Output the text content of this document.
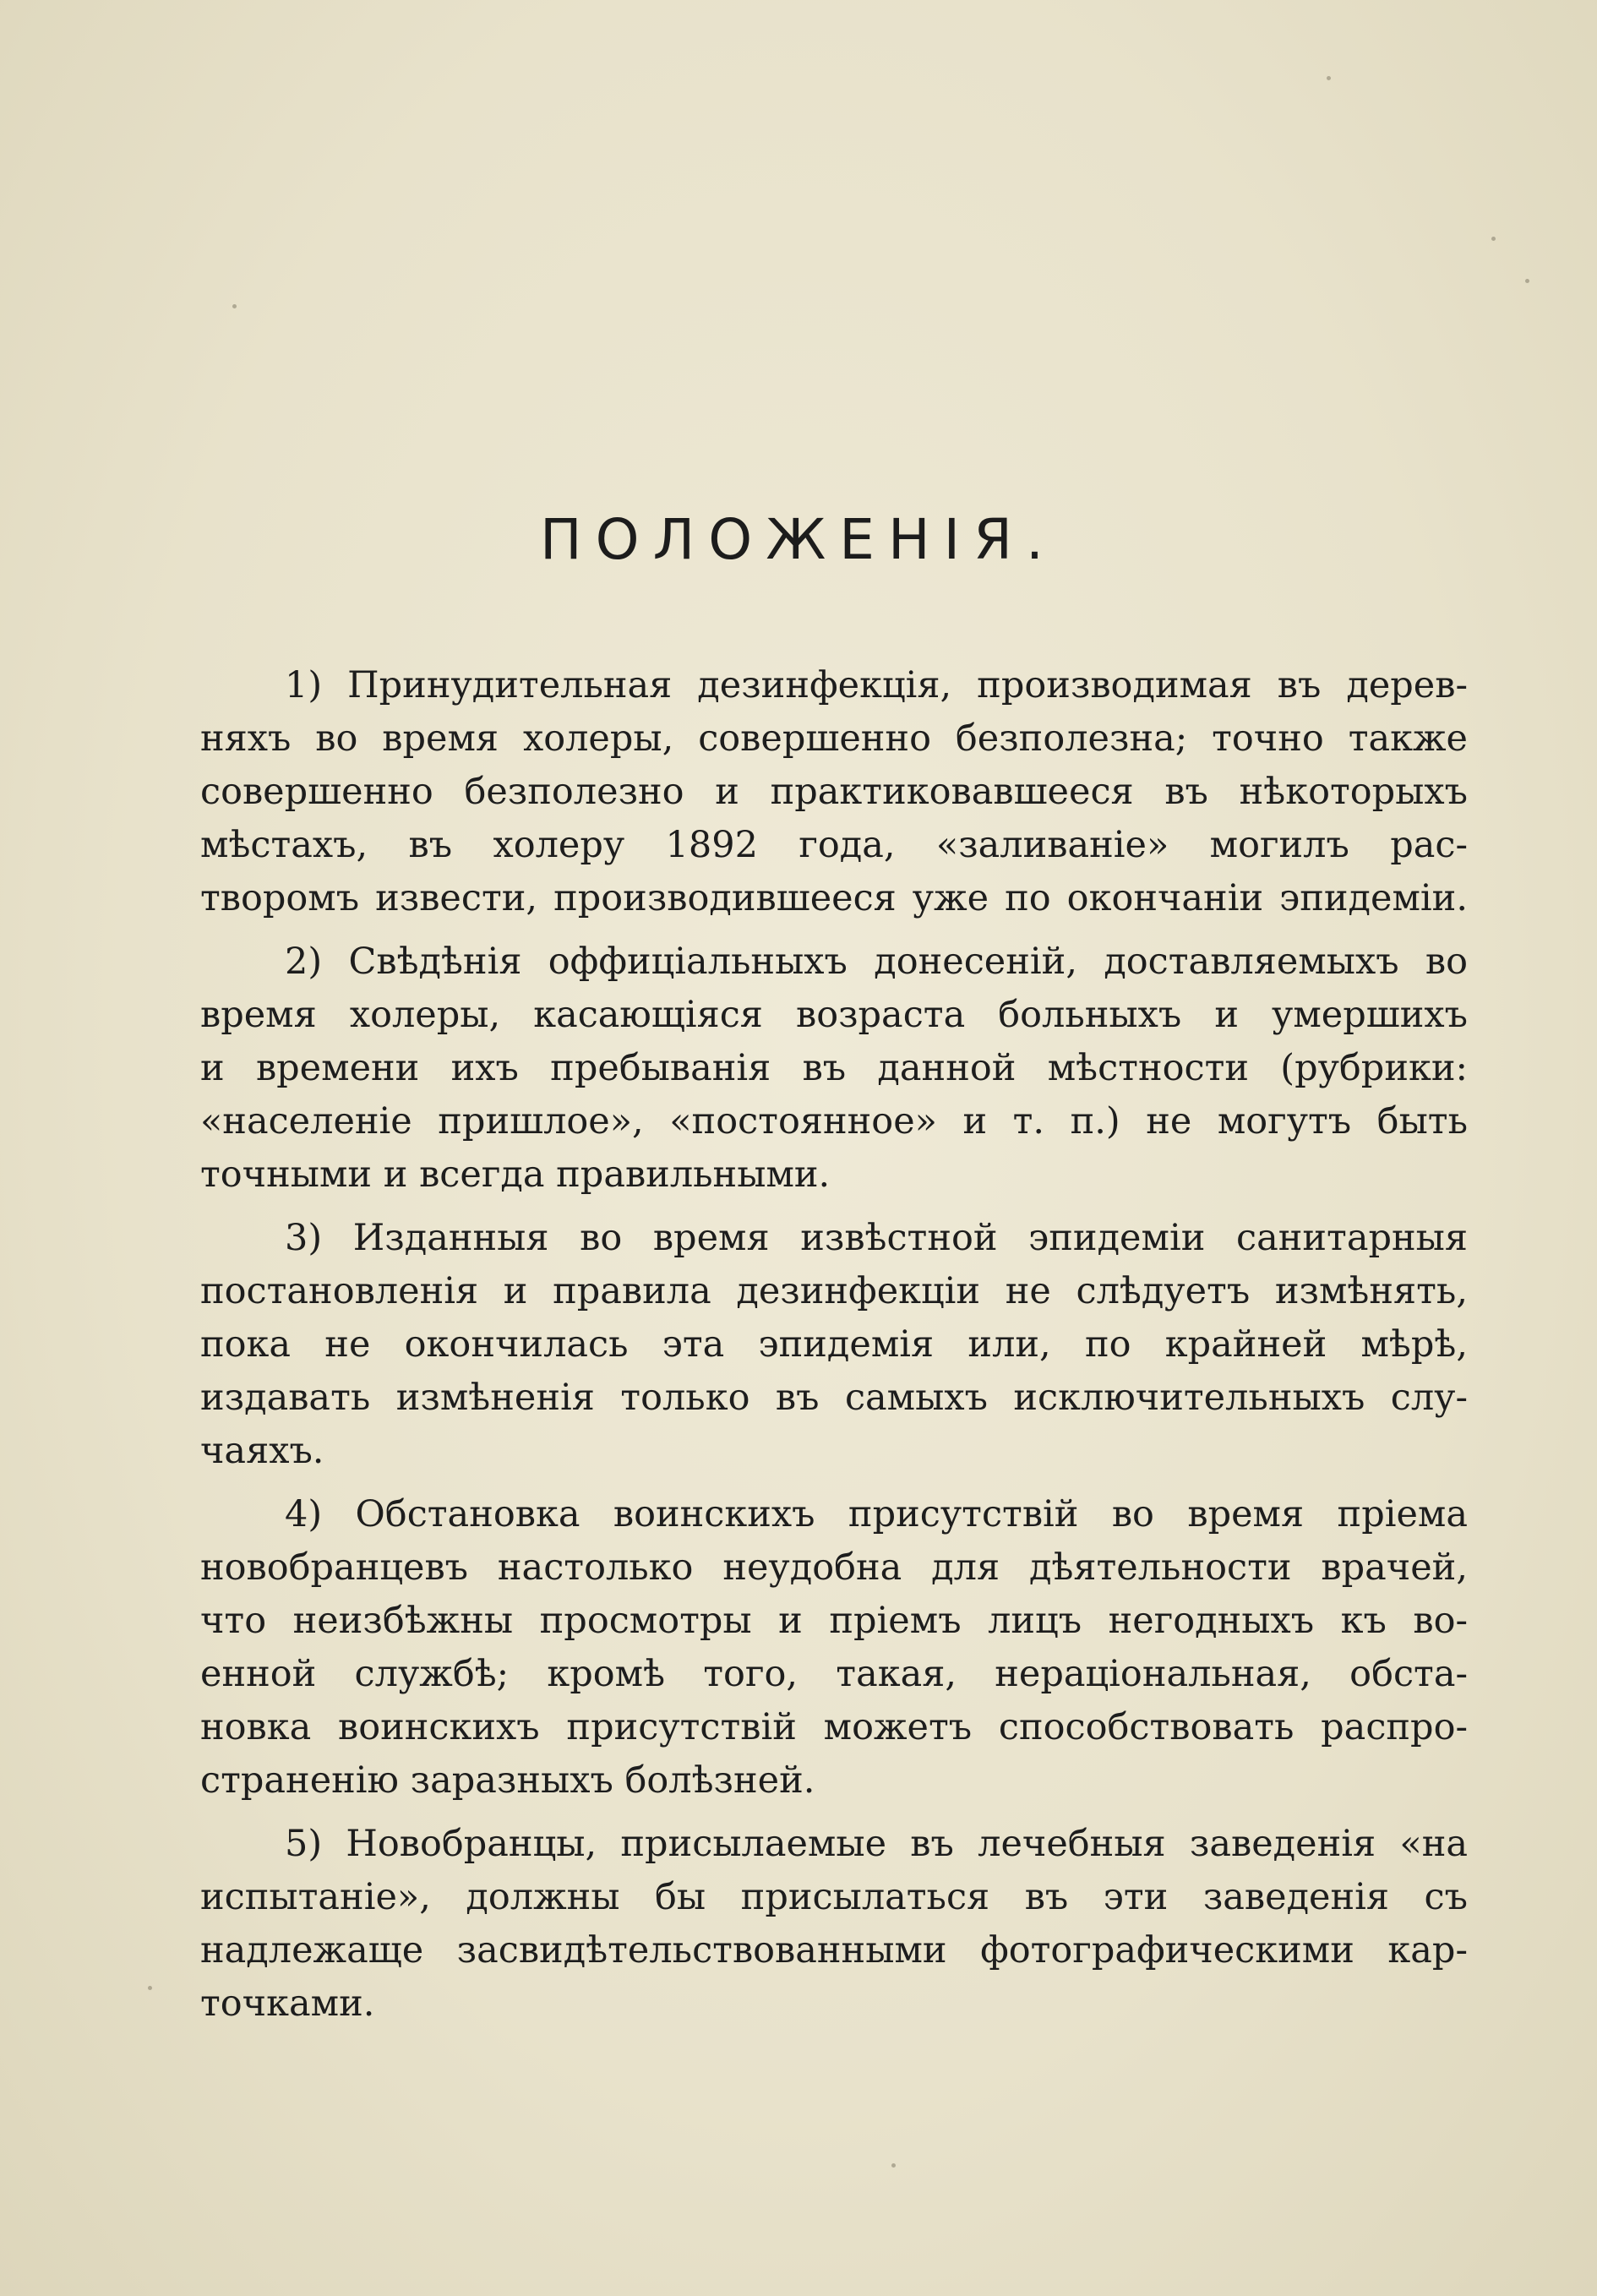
ПОЛОЖЕНІЯ.

1) Принудительная дезинфекція, производимая въ дерев-
няхъ во время холеры, совершенно безполезна; точно также
совершенно безполезно и практиковавшееся въ нѣкоторыхъ
мѣстахъ, въ холеру 1892 года, «заливаніе» могилъ рас-
творомъ извести, производившееся уже по окончаніи эпидеміи.

2) Свѣдѣнія оффиціальныхъ донесеній, доставляемыхъ во
время холеры, касающіяся возраста больныхъ и умершихъ
и времени ихъ пребыванія въ данной мѣстности (рубрики:
«населеніе пришлое», «постоянное» и т. п.) не могутъ быть
точными и всегда правильными.

3) Изданныя во время извѣстной эпидеміи санитарныя
постановленія и правила дезинфекціи не слѣдуетъ измѣнять,
пока не окончилась эта эпидемія или, по крайней мѣрѣ,
издавать измѣненія только въ самыхъ исключительныхъ слу-
чаяхъ.

4) Обстановка воинскихъ присутствій во время пріема
новобранцевъ настолько неудобна для дѣятельности врачей,
что неизбѣжны просмотры и пріемъ лицъ негодныхъ къ во-
енной службѣ; кромѣ того, такая, нераціональная, обста-
новка воинскихъ присутствій можетъ способствовать распро-
страненію заразныхъ болѣзней.

5) Новобранцы, присылаемые въ лечебныя заведенія «на
испытаніе», должны бы присылаться въ эти заведенія съ
надлежаще засвидѣтельствованными фотографическими кар-
точками.
